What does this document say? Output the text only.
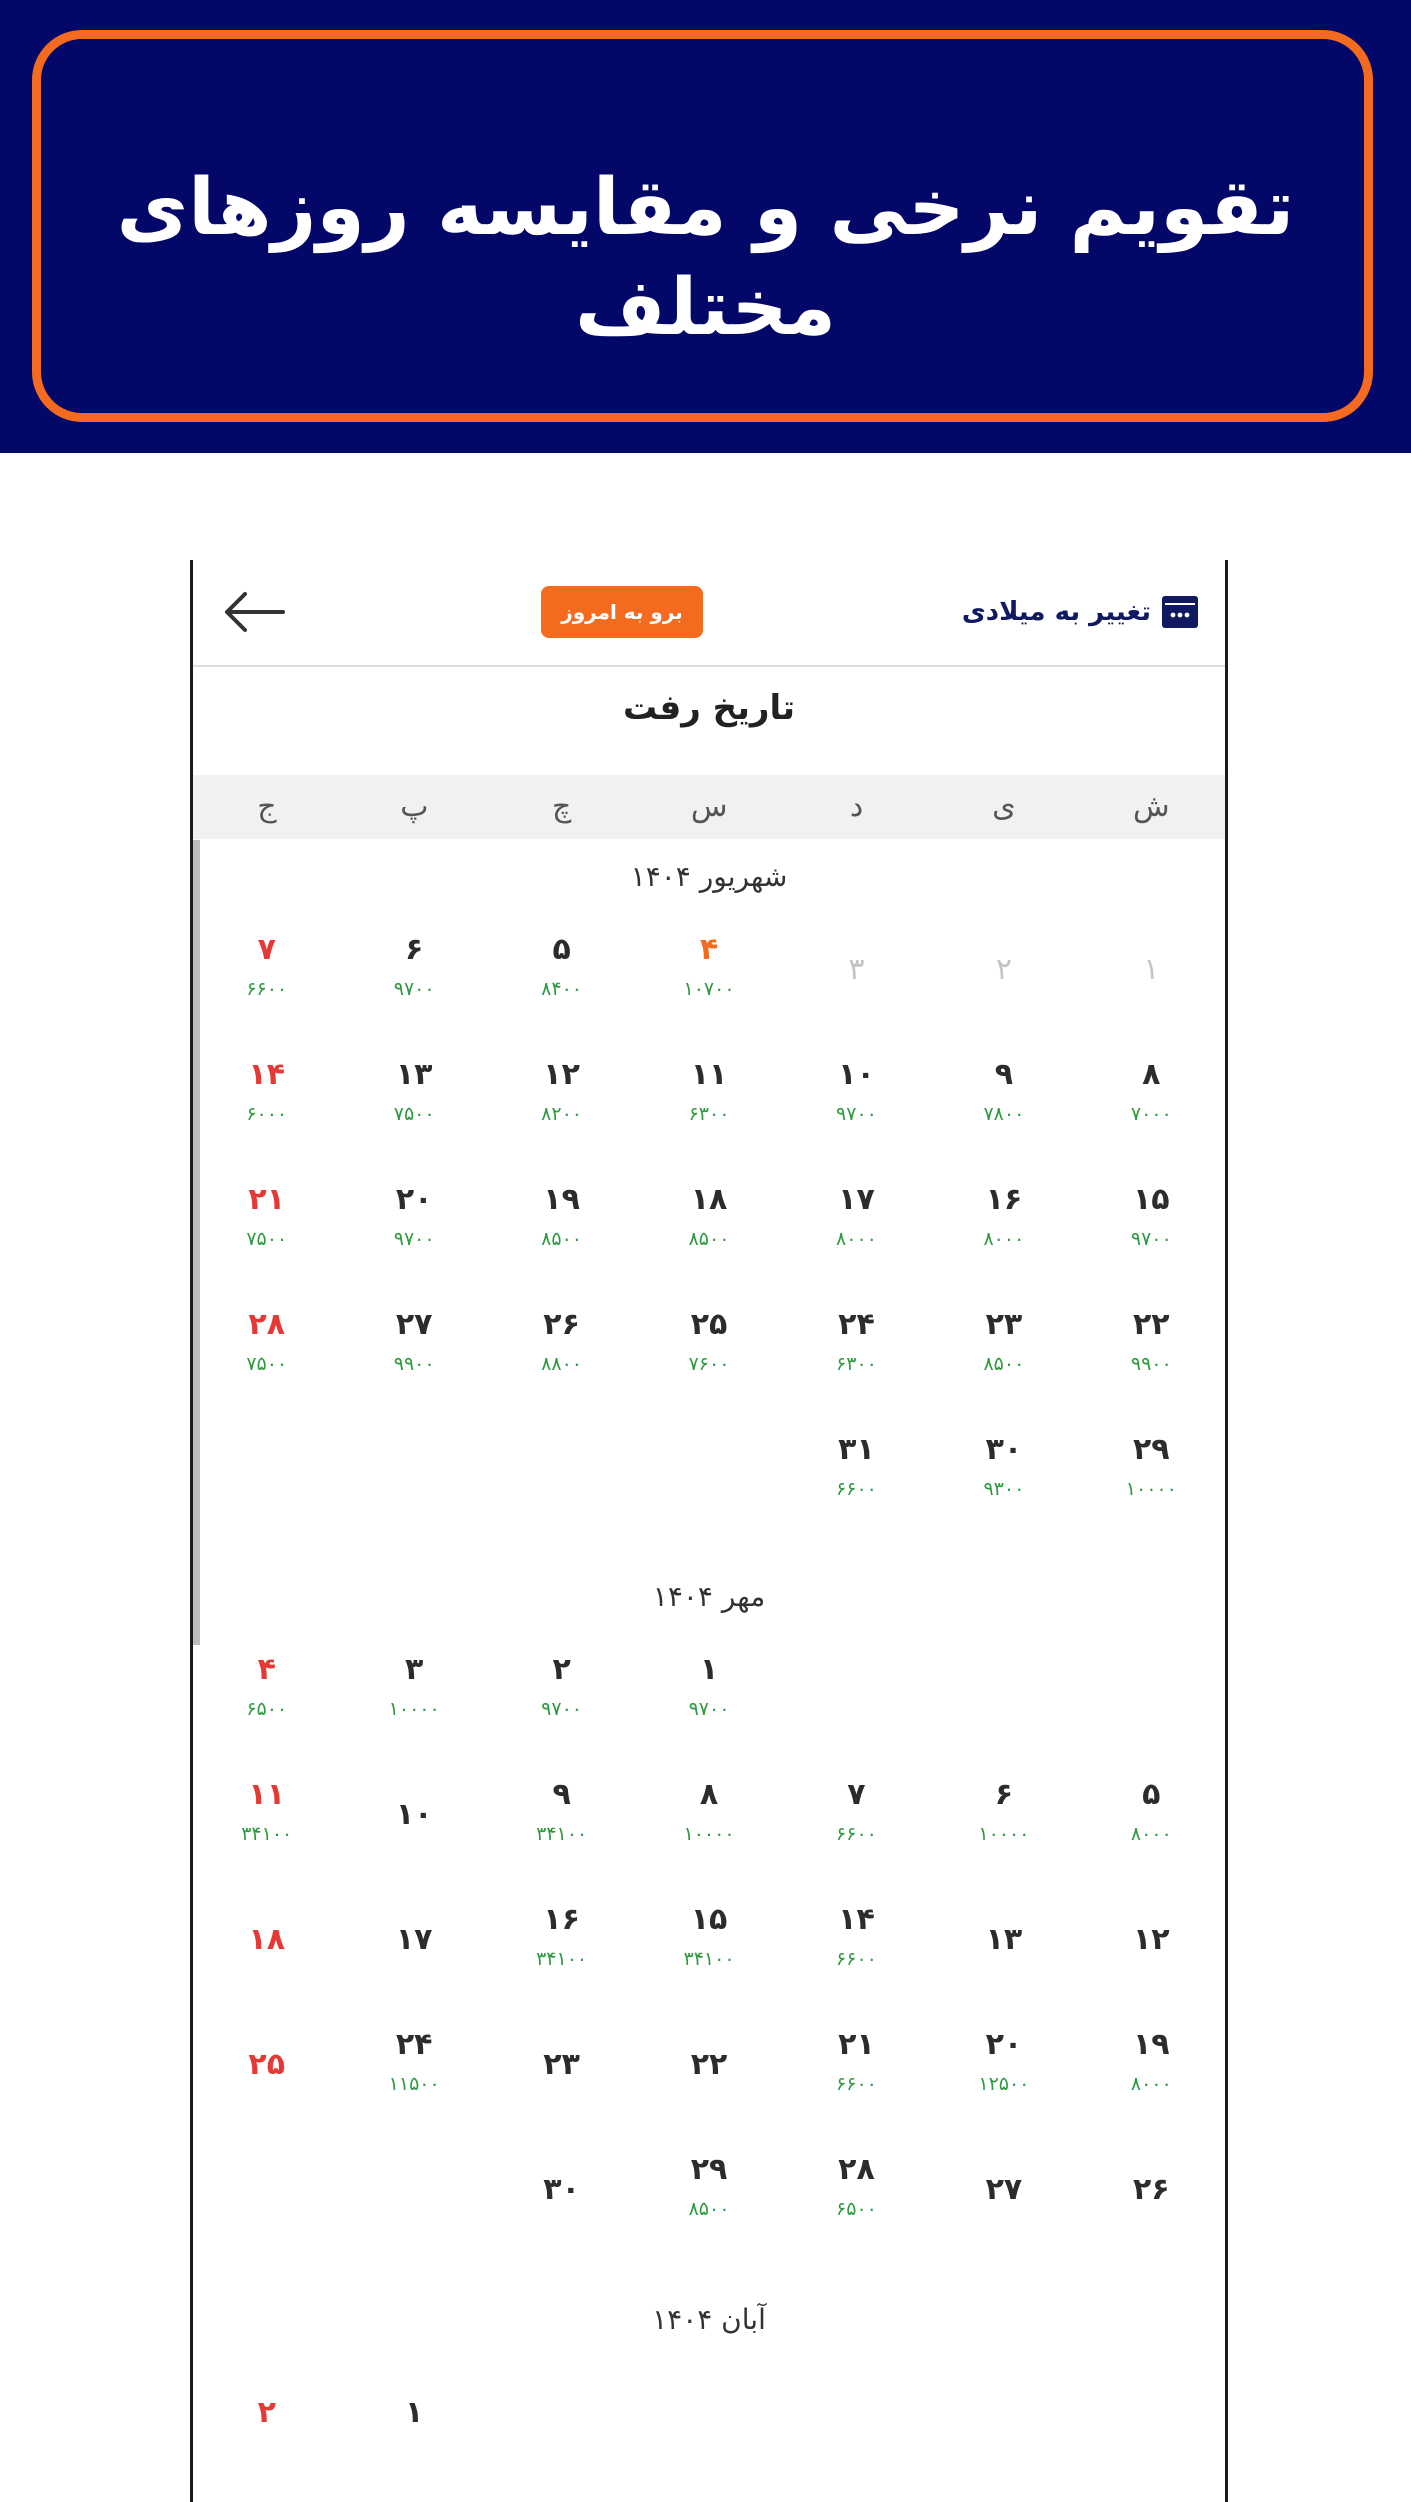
تقویم نرخی و مقایسه روزهای مختلف
برو به امروز	تغییر به میلادی
تاریخ رفت
ش
ی
د
س
چ
پ
ج
شهریور ۱۴۰۴
۱
۲
۳
۴
۱۰۷۰۰
۵
۸۴۰۰
۶
۹۷۰۰
۷
۶۶۰۰
۸
۷۰۰۰
۹
۷۸۰۰
۱۰
۹۷۰۰
۱۱
۶۳۰۰
۱۲
۸۲۰۰
۱۳
۷۵۰۰
۱۴
۶۰۰۰
۱۵
۹۷۰۰
۱۶
۸۰۰۰
۱۷
۸۰۰۰
۱۸
۸۵۰۰
۱۹
۸۵۰۰
۲۰
۹۷۰۰
۲۱
۷۵۰۰
۲۲
۹۹۰۰
۲۳
۸۵۰۰
۲۴
۶۳۰۰
۲۵
۷۶۰۰
۲۶
۸۸۰۰
۲۷
۹۹۰۰
۲۸
۷۵۰۰
۲۹
۱۰۰۰۰
۳۰
۹۳۰۰
۳۱
۶۶۰۰
مهر ۱۴۰۴
۱
۹۷۰۰
۲
۹۷۰۰
۳
۱۰۰۰۰
۴
۶۵۰۰
۵
۸۰۰۰
۶
۱۰۰۰۰
۷
۶۶۰۰
۸
۱۰۰۰۰
۹
۳۴۱۰۰
۱۰
۱۱
۳۴۱۰۰
۱۲
۱۳
۱۴
۶۶۰۰
۱۵
۳۴۱۰۰
۱۶
۳۴۱۰۰
۱۷
۱۸
۱۹
۸۰۰۰
۲۰
۱۲۵۰۰
۲۱
۶۶۰۰
۲۲
۲۳
۲۴
۱۱۵۰۰
۲۵
۲۶
۲۷
۲۸
۶۵۰۰
۲۹
۸۵۰۰
۳۰
آبان ۱۴۰۴
۱
۲
